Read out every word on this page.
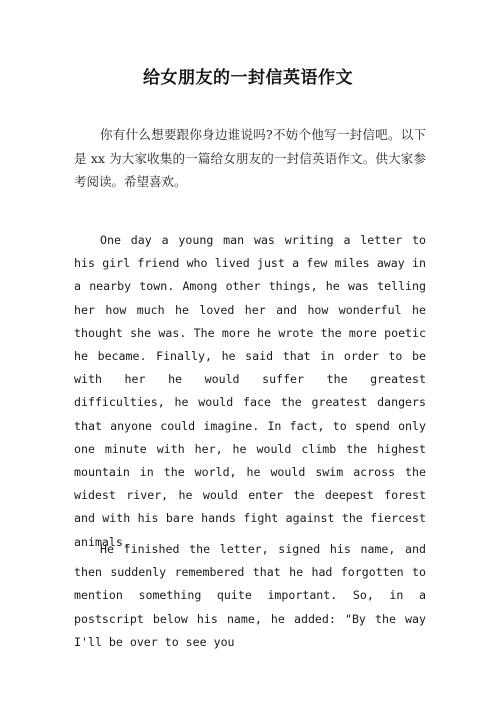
给女朋友的一封信英语作文

你有什么想要跟你身边谁说吗?不妨个他写一封信吧。以下是 xx 为大家收集的一篇给女朋友的一封信英语作文。供大家参考阅读。希望喜欢。

One day a young man was writing a letter to his girl friend who lived just a few miles away in a nearby town. Among other things, he was telling her how much he loved her and how wonderful he thought she was. The more he wrote the more poetic he became. Finally, he said that in order to be with her he would suffer the greatest difficulties, he would face the greatest dangers that anyone could imagine. In fact, to spend only one minute with her, he would climb the highest mountain in the world, he would swim across the widest river, he would enter the deepest forest and with his bare hands fight against the fiercest animals.

He finished the letter, signed his name, and then suddenly remembered that he had forgotten to mention something quite important. So, in a postscript below his name, he added: "By the way I'll be over to see you
